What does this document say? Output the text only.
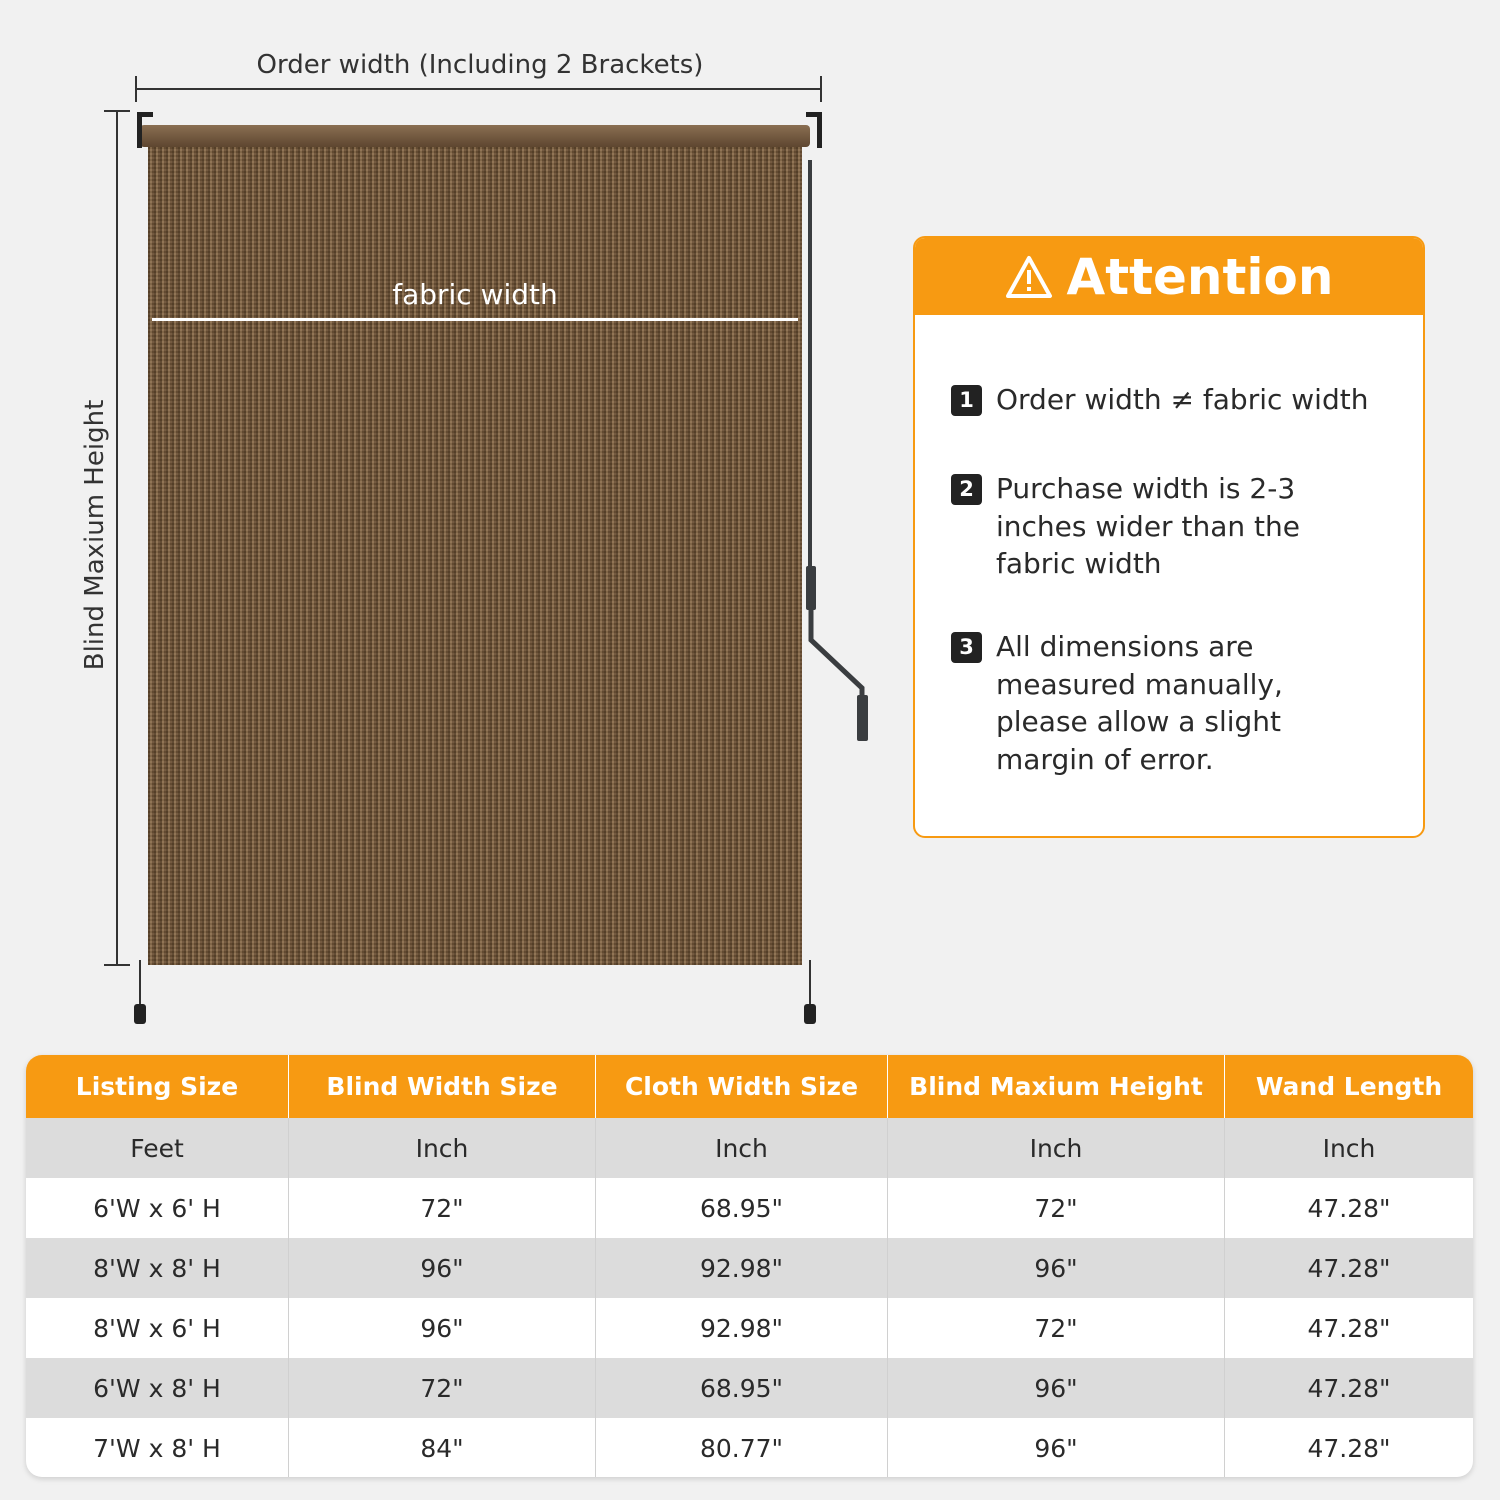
Order width (Including 2 Brackets)
Blind Maxium Height
fabric width	Attention
1 Order width ≠ fabric width
2 Purchase width is 2-3 inches wider than the fabric width
3 All dimensions are measured manually, please allow a slight margin of error.
Listing Size	Blind Width Size	Cloth Width Size	Blind Maxium Height	Wand Length
Feet	Inch	Inch	Inch	Inch
6'W x 6' H	72"	68.95"	72"	47.28"
8'W x 8' H	96"	92.98"	96"	47.28"
8'W x 6' H	96"	92.98"	72"	47.28"
6'W x 8' H	72"	68.95"	96"	47.28"
7'W x 8' H	84"	80.77"	96"	47.28"
